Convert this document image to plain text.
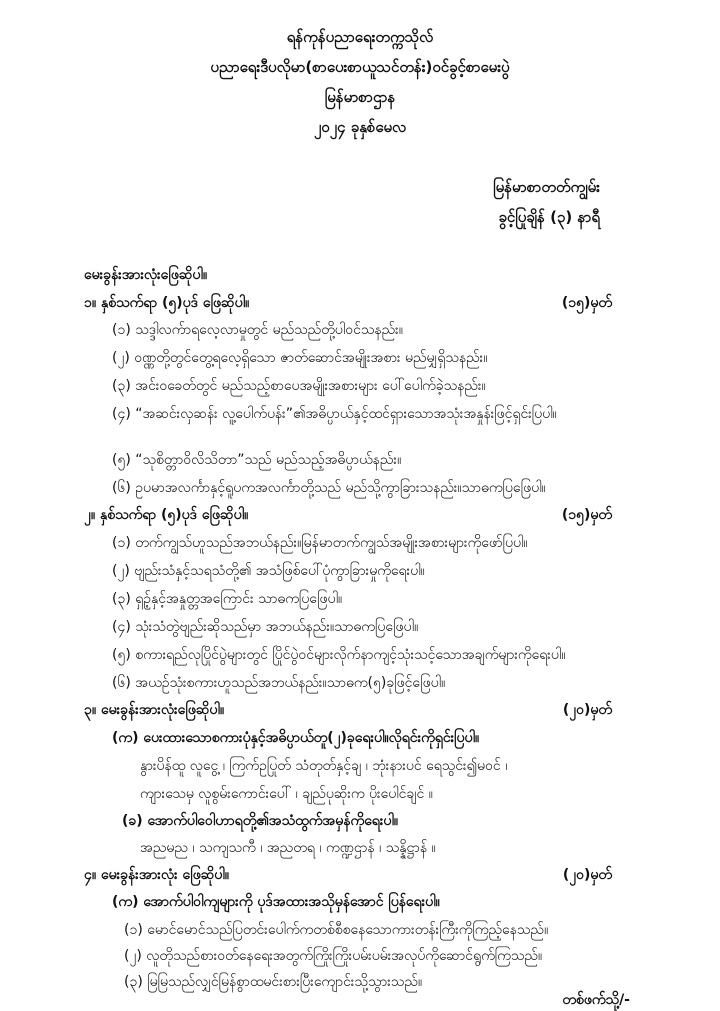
ရန်ကုန်ပညာရေးတက္ကသိုလ်
ပညာရေးဒီပလိုမာ(စာပေးစာယူသင်တန်း)ဝင်ခွင့်စာမေးပွဲ
မြန်မာစာဌာန
၂၀၂၄ ခုနှစ်မေလ
မြန်မာစာတတ်ကျွမ်း
ခွင့်ပြုချိန် (၃) နာရီ
မေးခွန်းအားလုံးဖြေဆိုပါ။
၁။ နှစ်သက်ရာ (၅)ပုဒ် ဖြေဆိုပါ။	(၁၅)မှတ်
(၁) သဒ္ဒါလက်ာရလေ့လာမှုတွင် မည်သည်တို့ပါဝင်သနည်း။
(၂) ဝဏ္ဏတို့တွင်တွေ့ရလေ့ရှိသော ဇာတ်ဆောင်အမျိုးအစား မည်မျှရှိသနည်း။
(၃) အင်းဝခေတ်တွင် မည်သည့်စာပေအမျိုးအစားများ ပေါ်ပေါက်ခဲ့သနည်း။
(၄) “အဆင်းလှဆန်း လူ့ပေါက်ပန်း”၏အဓိပ္ပာယ်နှင့်ထင်ရှားသောအသုံးအနှုန်းဖြင့်ရှင်းပြပါ။
(၅) “သုစိတ္တာဝိလိသိတာ”သည် မည်သည့်အဓိပ္ပာယ်နည်း။
(၆) ဥပမာအလင်္ကာနှင့်ရူပကအလင်္ကာတို့သည် မည်သို့ကွာခြားသနည်း။သာဓကပြဖြေပါ။
၂။ နှစ်သက်ရာ (၅)ပုဒ် ဖြေဆိုပါ။	(၁၅)မှတ်
(၁) တက်ကျွသ်ဟူသည်အဘယ်နည်း။မြန်မာတက်ကျွသ်အမျိုးအစားများကိုဖော်ပြပါ။
(၂) ဗျည်းသံနှင့်သရသံတို့၏ အသံဖြစ်ပေါ်ပုံကွာခြားမှုကိုရေးပါ။
(၃) ရှဉ့်နှင့်အနှုတ္တအကြောင်း သာဓကပြဖြေပါ။
(၄) သုံးသံတွဲဗျည်းဆိုသည်မှာ အဘယ်နည်း။သာဓကပြဖြေပါ။
(၅) စကားရည်လုပြိုင်ပွဲများတွင် ပြိုင်ပွဲဝင်များလိုက်နာကျင့်သုံးသင့်သောအချက်များကိုရေးပါ။
(၆) အယဉ်သုံးစကားဟူသည်အဘယ်နည်း။သာဓက(၅)ခုဖြင့်ဖြေပါ။
၃။ မေးခွန်းအားလုံးဖြေဆိုပါ။	(၂၀)မှတ်
(က) ပေးထားသောစကားပုံနှင့်အဓိပ္ပာယ်တူ(၂)ခုရေးပါ။လိုရင်းကိုရှင်းပြပါ။
နွားပိန်ထူ လူငွေ့ ၊ ကြက်ဥပြုတ် သံတုတ်နှင့်ချ ၊ ဘုံးနားပင် ရေသွင်း၍မဝင် ၊
ကျားသေမှ လူစွမ်းကောင်းပေါ် ၊ ချည်ပုဆိုးက ပိုးပေါင်ချင် ။
(ခ) အောက်ပါဝေါဟာရတို့၏အသံထွက်အမှန်ကိုရေးပါ။
အညမည ၊ သကျသကီ ၊ အညတရ ၊ ကဏ္ဍဌာန် ၊ သန္နိဋ္ဌာန် ။
၄။ မေးခွန်းအားလုံး ဖြေဆိုပါ။	(၂၀)မှတ်
(က) အောက်ပါဝါကျများကို ပုဒ်အထားအသိုမှန်အောင် ပြန်ရေးပါ။
(၁) မောင်မောင်သည်ပြတင်းပေါက်ကတစ်စီစနေသောကားတန်းကြီးကိုကြည့်နေသည်။
(၂) လူတိုသည်စားဝတ်နေရေးအတွက်ကြိုးကြိုးပမ်းပမ်းအလုပ်ကိုဆောင်ရွက်ကြသည်။
(၃) မြမြသည်လျှင်မြန်စွာထမင်းစားပြီးကျောင်းသို့သွားသည်။
တစ်ဖက်သို့/-
